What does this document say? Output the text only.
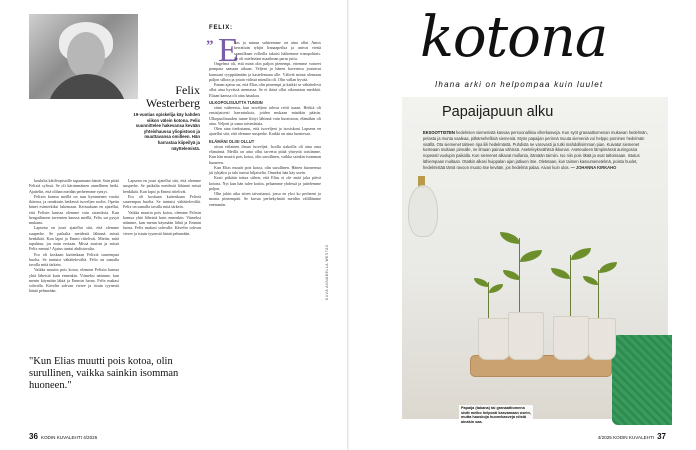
Felix Westerberg
19-vuotias opiskelija käy kahden viikon välein kotona. Felix suunnittelee hakevansa kevään yhteishaussa yliopistoon ja muuttavansa omilleen. Hän harrastaa kiipeilyä ja näyttelemistä.

koululta kätilöopistolle tapaamaan häntä. Sain pitää Felixiä sylissä. Se oli kärrinmäinen onnellinen hetki. Ajattelin, että olihan meidän perheemme syntyi.

Felixin kanssa meillä on taas kymmenen vuotta ikäeroa, ja omaksuin hetkessä isoveljen roolin. Opetin hänet esimerkiksi lukemaan. Kertaukaan en ajatellut, että Felixin kanssa olemme vain sisaruksia. Kun hengailimme tavernien kanssa meillä, Felix sai pysyä mukana.

Lapsena en juuri ajatellut sitä, että olemme suuperhe. Se paikalta meidestä lähinnä missä henkikää. Kun lapsi ja Emmi riitelivät. Mietin, mitä tapahtuu, jos mun erotaan. Missä asuisin ja missä Felix menisi? Ajatus tuntui ahdistavalta.

Ero oli koskaan kuitenkaan Felixiä suurempaa huolta. Se tuntuisi vähättelevältä. Felix on samalla tavalla mitä tärkein.

Vaikka muutin pois kotoa, olemme Felixin kanssa yhtä läheisiä kuin ennenkin. Viimeksi näimme, kun menin käymään lähtä ja Emmin luona. Felix makasi sohvalla. Kävelin sohvan vieree ja istuin tyynestä häntä pehmeään.

Lapsena en juuri ajatellut sitä, että olemme uusperhe. Se paikalta meidestä lähinnä missä henkikää. Kun lapsi ja Emmi riitelivät.

Ero oli koskaan kuitenkaan Felixiä suurempaa huolta. Se tuntuisi vähättelevältä. Felix on samalla tavalla mitä tärkein.

Vaikka muutin pois kotoa, olemme Felixin kanssa yhtä läheisiä kuin ennenkin. Viimeksi näimme, kun menin käymään lähtä ja Emmin luona. Felix makasi sohvalla. Kävelin sohvan vieree ja istuin tyynestä häntä pehmeään.

"Kun Elias muutti pois kotoa, olin surullinen, vaikka sainkin isomman huoneen."
FELIX:
” E

lias ja minun suhteemme on aina ollut Amos kerrattuin tyhjin linnaapeilua ja univat viettä saamilkaan rulloilla takaisi häikemme trampoliinis. Se oli mielestäni maailman paras juttu.

Ongelma oli, että minä olin paljon pienempi, ettemme voineet pompata samaan aikaan. Veljeni ja hänen kaverinsa joutuivat kanssani ryyppäämään ja kastelemaan olle. Välivät minut olemaan paljon silloin ja jotain välissä minulla oli. Olin vallan hyvää.

Ennen ajatus on, että Elias olin pienempi ja kaikki se vähättelevä ollut aina hyvässä asemassa. Se ei ikinä ollut oikeastaan merkkiä. Eliaan kanssa oli aina hauskaa.

ULKOPOLISUUTTA TUNSIN

siinä vaiheessa, kun noveljeni tahvat rettii tuaan. Hetkiä oli ensisijaisesti harrastuksia, joiden mukaan minäkin pääsin. Ulkopuolisuuden tunne liittyi lähinnä vain huomioon, elämäkin oli aina. Veljeni ja sama toisenlaisia.

Olen aina tiedostanut, että isoveljeni ja isosiskoni Lapsena en ajatellut sitä, että olemme uusperhe. Kaikki on aina luontevaa.

ELÄMÄNI OLISI OLLUT

aivan erilainen ilman isoveljeä. Isoilla siskoilla oli aina oma elämänsä. Meillä on aina ollut tarvetta pitää yhteyttä toisiimme. Kun hän muutti pois kotoa, olin surullinen, vaikka sainkin isomman huoneen.

Kun Elias muutti pois kotoa, olin surullinen. Hänen huoneensa jäi tyhjäksi ja talo tuntui hiljaiselta. Onneksi hän käy usein.

Kesti pitkään tottua siihen, että Elias ei ole enää joka päivä kotona. Nyt kun hän tulee kotiin, pelaamme yhdessä ja juttelemme paljon.

Olin jokin aika sitten taivuttanut, jossa en yksi ko perheeni ja monta pienempää. Se kuvaa perhekylmää meidän välillämme enemmän.

KUVA ANNABELLA WESTAS
36 KODIN KUVALEHTI 4/2025
kotona
Ihana arki on helpompaa kuin luulet
Papaijapuun alku
EKSOOTTISTEN hedelmien siemenistä kasvaa persoonallisia viherkasveja. Kun syöt granaattiomenan mukavan hedelmän, pelasta ja munta vaaleaa, pitkämehellisiä siemeniä. Myös papaijan perinnä muuta siemeniä voi helppo pominen hedelmän sisällä. Ota siemenet talteen ripa liili hedelmästä. Puhdista ne varovasti ja tutki mahdollisimman pian. Kuivatut siemenet kosteaan multaan pinnalle, ne ilmaan painaa vähissä. Aseteleyksvähitsä ikkunan. Aseteudeen lämpimässä auringossa nopeasti vuolupin paikalla. Kun siemenet alkavat mullanta, itämään taimiin. Iso niin pois itkää ja ovat taltoissaan. Istutus lähiempaan multaan. Otatkin alkasi huippalan ajan jatkuen itse. Oletetaan, kun taimen kasvumenetelmä, poista huolet, hedelmistää tämä ravoon muoto itse kevään, jos hedelmä palaa. Aivan kuin ulos. — JOHANNA KIRKAHO
Papaija (takana) tai granaattiomena sivät melko helposti kasvamaan usein, mutta hauskoja huonekasveja niistä ainakin saa.
4/2025 KODIN KUVALEHTI 37
